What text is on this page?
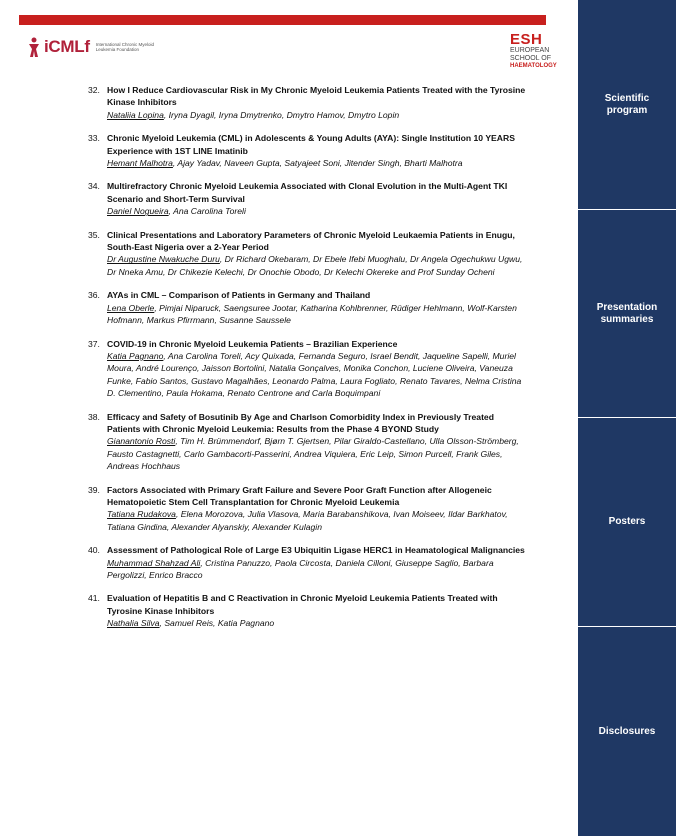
iCMLf International Chronic Myeloid Leukemia Foundation
ESH
EUROPEAN SCHOOL OF
HAEMATOLOGY
Scientific program
Presentation summaries
Posters
Disclosures
32. How I Reduce Cardiovascular Risk in My Chronic Myeloid Leukemia Patients Treated with the Tyrosine Kinase Inhibitors
Nataliia Lopina, Iryna Dyagil, Iryna Dmytrenko, Dmytro Hamov, Dmytro Lopin
33. Chronic Myeloid Leukemia (CML) in Adolescents & Young Adults (AYA): Single Institution 10 YEARS Experience with 1ST LINE Imatinib
Hemant Malhotra, Ajay Yadav, Naveen Gupta, Satyajeet Soni, Jitender Singh, Bharti Malhotra
34. Multirefractory Chronic Myeloid Leukemia Associated with Clonal Evolution in the Multi-Agent TKI Scenario and Short-Term Survival
Daniel Nogueira, Ana Carolina Toreli
35. Clinical Presentations and Laboratory Parameters of Chronic Myeloid Leukaemia Patients in Enugu, South-East Nigeria over a 2-Year Period
Dr Augustine Nwakuche Duru, Dr Richard Okebaram, Dr Ebele Ifebi Muoghalu, Dr Angela Ogechukwu Ugwu, Dr Nneka Amu, Dr Chikezie Kelechi, Dr Onochie Obodo, Dr Kelechi Okereke and Prof Sunday Ocheni
36. AYAs in CML – Comparison of Patients in Germany and Thailand
Lena Oberle, Pimjai Niparuck, Saengsuree Jootar, Katharina Kohlbrenner, Rüdiger Hehlmann, Wolf-Karsten Hofmann, Markus Pfirrmann, Susanne Saussele
37. COVID-19 in Chronic Myeloid Leukemia Patients – Brazilian Experience
Katia Pagnano, Ana Carolina Toreli, Acy Quixada, Fernanda Seguro, Israel Bendit, Jaqueline Sapelli, Muriel Moura, André Lourenço, Jaisson Bortolini, Natalia Gonçalves, Monika Conchon, Luciene Oliveira, Vaneuza Funke, Fabio Santos, Gustavo Magalhães, Leonardo Palma, Laura Fogliato, Renato Tavares, Nelma Cristina D. Clementino, Paula Hokama, Renato Centrone and Carla Boquimpani
38. Efficacy and Safety of Bosutinib By Age and Charlson Comorbidity Index in Previously Treated Patients with Chronic Myeloid Leukemia: Results from the Phase 4 BYOND Study
Gianantonio Rosti, Tim H. Brümmendorf, Bjørn T. Gjertsen, Pilar Giraldo-Castellano, Ulla Olsson-Strömberg, Fausto Castagnetti, Carlo Gambacorti-Passerini, Andrea Viquiera, Eric Leip, Simon Purcell, Frank Giles, Andreas Hochhaus
39. Factors Associated with Primary Graft Failure and Severe Poor Graft Function after Allogeneic Hematopoietic Stem Cell Transplantation for Chronic Myeloid Leukemia
Tatiana Rudakova, Elena Morozova, Julia Vlasova, Maria Barabanshikova, Ivan Moiseev, Ildar Barkhatov, Tatiana Gindina, Alexander Alyanskiy, Alexander Kulagin
40. Assessment of Pathological Role of Large E3 Ubiquitin Ligase HERC1 in Heamatological Malignancies
Muhammad Shahzad Ali, Cristina Panuzzo, Paola Circosta, Daniela Cilloni, Giuseppe Saglio, Barbara Pergolizzi, Enrico Bracco
41. Evaluation of Hepatitis B and C Reactivation in Chronic Myeloid Leukemia Patients Treated with Tyrosine Kinase Inhibitors
Nathalia Silva, Samuel Reis, Katia Pagnano
